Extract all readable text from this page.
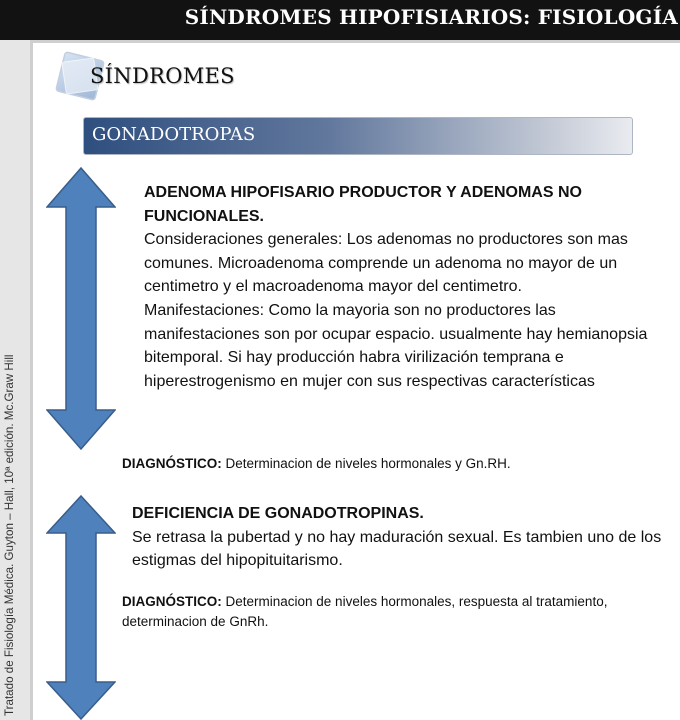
SÍNDROMES HIPOFISIARIOS: FISIOLOGÍA
Tratado de Fisiología Médica. Guyton – Hall, 10ª edición. Mc.Graw Hill
SÍNDROMES
GONADOTROPAS
ADENOMA HIPOFISARIO PRODUCTOR Y ADENOMAS NO FUNCIONALES.
Consideraciones generales: Los adenomas no productores son mas comunes. Microadenoma comprende un adenoma no mayor de un centimetro y el macroadenoma mayor del centimetro.
Manifestaciones: Como la mayoria son no productores las manifestaciones son por ocupar espacio. usualmente hay hemianopsia bitemporal. Si hay producción habra virilización temprana e hiperestrogenismo en mujer con sus respectivas características
DIAGNÓSTICO: Determinacion de niveles hormonales y Gn.RH.
DEFICIENCIA DE GONADOTROPINAS.
Se retrasa la pubertad y no hay maduración sexual. Es tambien uno de los estigmas del hipopituitarismo.
DIAGNÓSTICO: Determinacion de niveles hormonales, respuesta al tratamiento, determinacion de GnRh.
